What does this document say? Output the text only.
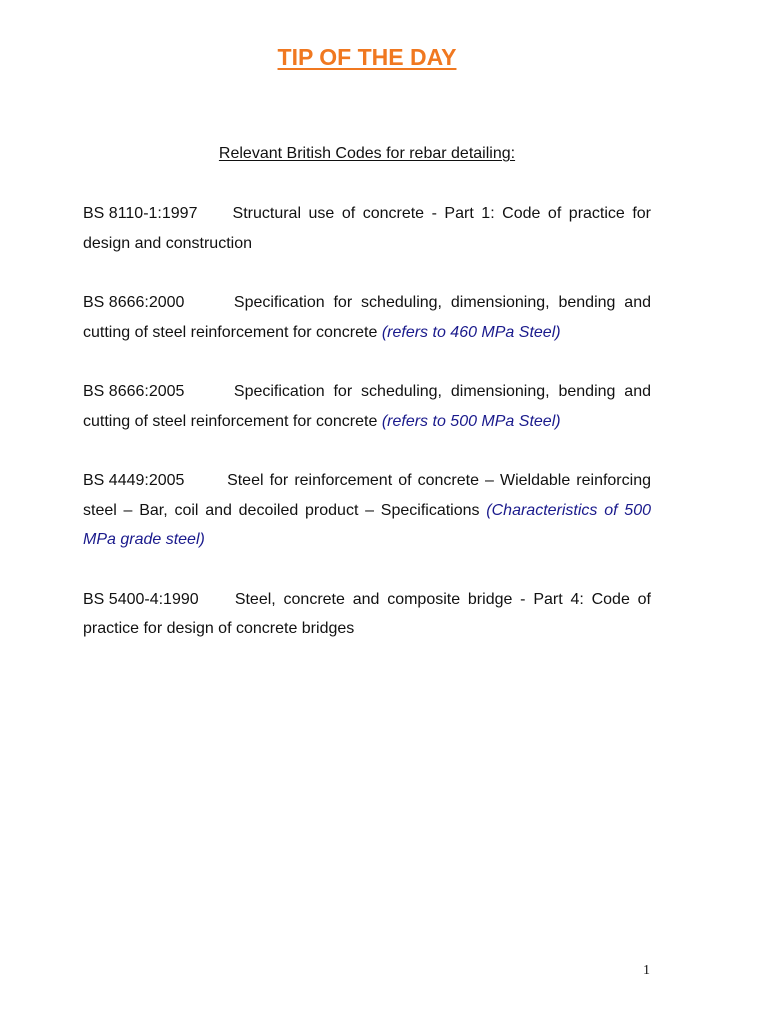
TIP OF THE DAY
Relevant British Codes for rebar detailing:

BS 8110-1:1997 Structural use of concrete - Part 1: Code of practice for design and construction

BS 8666:2000	Specification for scheduling, dimensioning, bending and cutting of steel reinforcement for concrete (refers to 460 MPa Steel)

BS 8666:2005	Specification for scheduling, dimensioning, bending and cutting of steel reinforcement for concrete (refers to 500 MPa Steel)

BS 4449:2005	Steel for reinforcement of concrete – Wieldable reinforcing steel – Bar, coil and decoiled product – Specifications (Characteristics of 500 MPa grade steel)

BS 5400-4:1990 Steel, concrete and composite bridge - Part 4: Code of practice for design of concrete bridges

1
